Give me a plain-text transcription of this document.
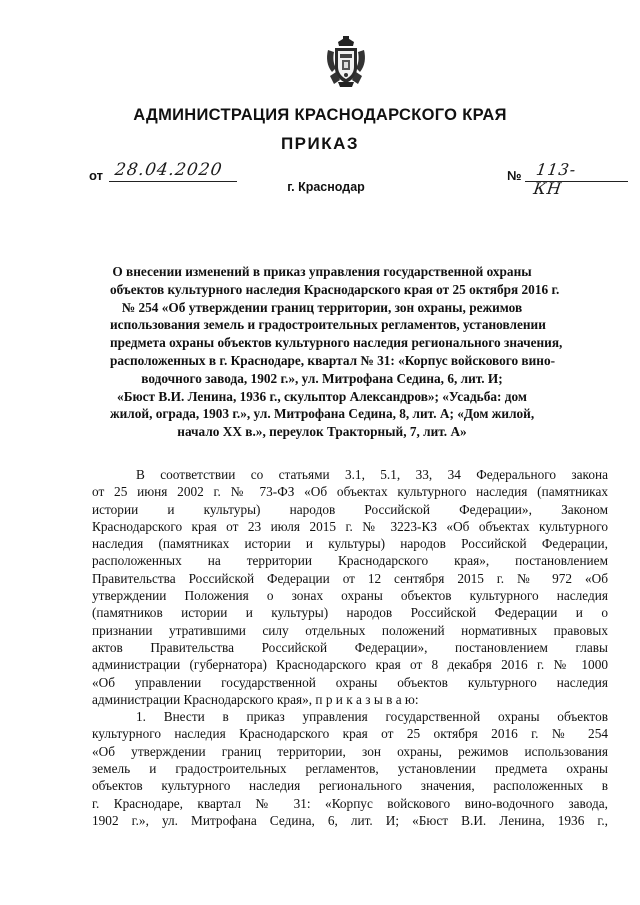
АДМИНИСТРАЦИЯ КРАСНОДАРСКОГО КРАЯ
ПРИКАЗ
от 28.04.2020	№ 113-КН
г. Краснодар
О внесении изменений в приказ управления государственной охраны
объектов культурного наследия Краснодарского края от 25 октября 2016 г.
№ 254 «Об утверждении границ территории, зон охраны, режимов
использования земель и градостроительных регламентов, установлении
предмета охраны объектов культурного наследия регионального значения,
расположенных в г. Краснодаре, квартал № 31: «Корпус войскового вино-
водочного завода, 1902 г.», ул. Митрофана Седина, 6, лит. И;
«Бюст В.И. Ленина, 1936 г., скульптор Александров»; «Усадьба: дом
жилой, ограда, 1903 г.», ул. Митрофана Седина, 8, лит. А; «Дом жилой,
начало XX в.», переулок Тракторный, 7, лит. А»
В соответствии со статьями 3.1, 5.1, 33, 34 Федерального закона
от 25 июня 2002 г. № 73-ФЗ «Об объектах культурного наследия (памятниках
истории и культуры) народов Российской Федерации», Законом
Краснодарского края от 23 июля 2015 г. № 3223-КЗ «Об объектах культурного
наследия (памятниках истории и культуры) народов Российской Федерации,
расположенных на территории Краснодарского края», постановлением
Правительства Российской Федерации от 12 сентября 2015 г. № 972 «Об
утверждении Положения о зонах охраны объектов культурного наследия
(памятников истории и культуры) народов Российской Федерации и о
признании утратившими силу отдельных положений нормативных правовых
актов Правительства Российской Федерации», постановлением главы
администрации (губернатора) Краснодарского края от 8 декабря 2016 г. № 1000
«Об управлении государственной охраны объектов культурного наследия
администрации Краснодарского края», п р и к а з ы в а ю:
1. Внести в приказ управления государственной охраны объектов
культурного наследия Краснодарского края от 25 октября 2016 г. № 254
«Об утверждении границ территории, зон охраны, режимов использования
земель и градостроительных регламентов, установлении предмета охраны
объектов культурного наследия регионального значения, расположенных в
г. Краснодаре, квартал № 31: «Корпус войскового вино-водочного завода,
1902 г.», ул. Митрофана Седина, 6, лит. И; «Бюст В.И. Ленина, 1936 г.,
